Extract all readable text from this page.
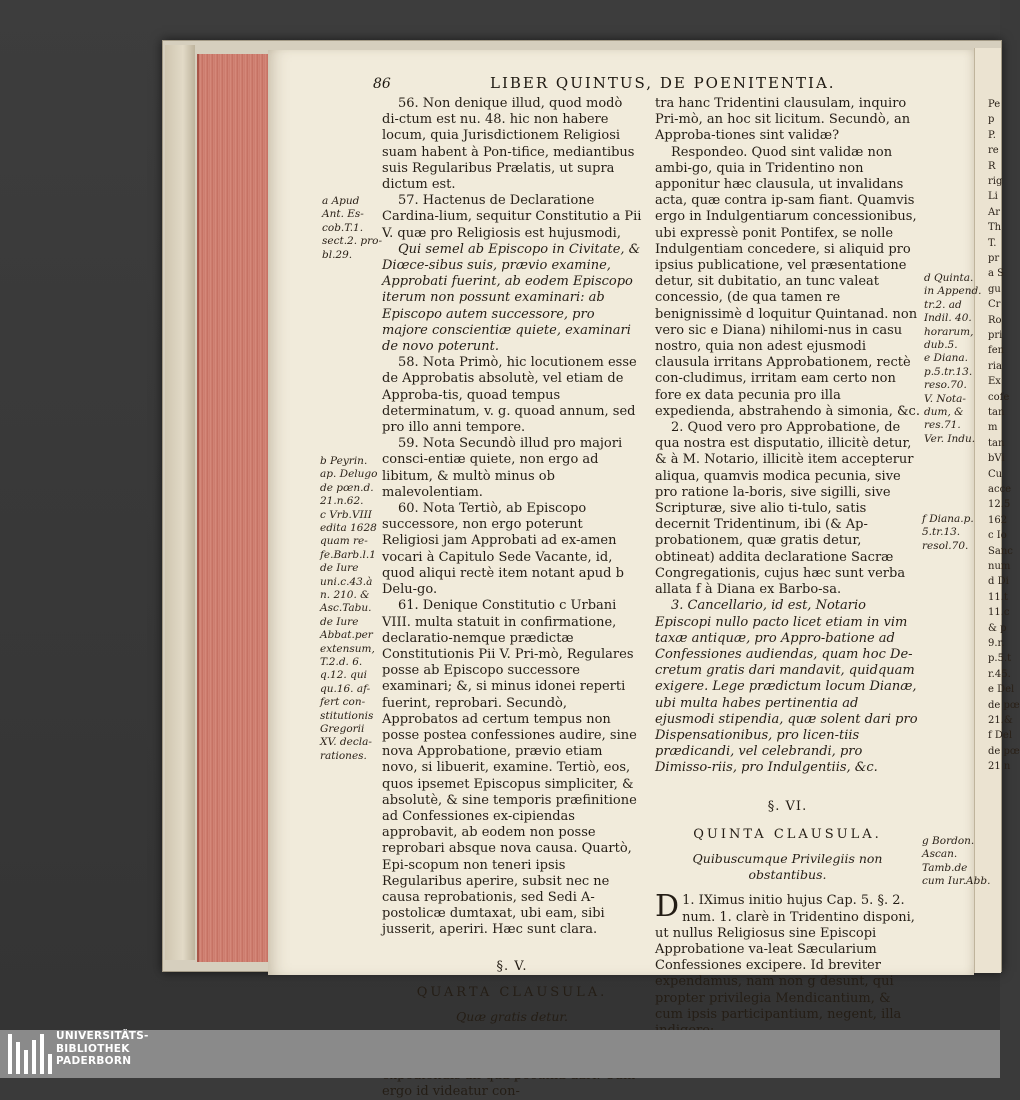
Pe
p
P.
re
R
rig
Li
Ar
Th
T.
pr
a S
gu
Cr
Ro
pri
fen
ria
Ex
cofe
tan
m
tan
bVi
Cu
acce
12.5
162
c Io
Sanc
num
d Di
11.t
11.c
& p
9.r.
p.5.t
r.45.
e Del
de pœ
21.&
f Del
de pœ
21 n
86	LIBER QUINTUS, DE POENITENTIA.
a Apud
Ant. Es-
cob.T.1.
sect.2. pro-
bl.29.
b Peyrin.
ap. Delugo
de pœn.d.
21.n.62.
c Vrb.VIII
edita 1628
quam re-
fe.Barb.l.1
de Iure
uni.c.43.à
n. 210. &
Asc.Tabu.
de Iure
Abbat.per
extensum,
T.2.d. 6.
q.12. qui
qu.16. af-
fert con-
stitutionis
Gregorii
XV. decla-
rationes.
d Quinta.
in Append.
tr.2. ad
Indil. 40.
horarum,
dub.5.
e Diana.
p.5.tr.13.
reso.70.
V. Nota-
dum, &
res.71.
Ver. Indu.
f Diana.p.
5.tr.13.
resol.70.
g Bordon.
Ascan.
Tamb.de
cum Iur.Abb.

56. Non denique illud, quod modò di-ctum est nu. 48. hic non habere locum, quia Jurisdictionem Religiosi suam habent à Pon-tifice, mediantibus suis Regularibus Prælatis, ut supra dictum est.

57. Hactenus de Declaratione Cardina-lium, sequitur Constitutio a Pii V. quæ pro Religiosis est hujusmodi,

Qui semel ab Episcopo in Civitate, & Diœce-sibus suis, prævio examine, Approbati fuerint, ab eodem Episcopo iterum non possunt examinari: ab Episcopo autem successore, pro majore conscientiæ quiete, examinari de novo poterunt.

58. Nota Primò, hic locutionem esse de Approbatis absolutè, vel etiam de Approba-tis, quoad tempus determinatum, v. g. quoad annum, sed pro illo anni tempore.

59. Nota Secundò illud pro majori consci-entiæ quiete, non ergo ad libitum, & multò minus ob malevolentiam.

60. Nota Tertiò, ab Episcopo successore, non ergo poterunt Religiosi jam Approbati ad ex-amen vocari à Capitulo Sede Vacante, id, quod aliqui rectè item notant apud b Delu-go.

61. Denique Constitutio c Urbani VIII. multa statuit in confirmatione, declaratio-nemque prædictæ Constitutionis Pii V. Pri-mò, Regulares posse ab Episcopo successore examinari; &, si minus idonei reperti fuerint, reprobari. Secundò, Approbatos ad certum tempus non posse postea confessiones audire, sine nova Approbatione, prævio etiam novo, si libuerit, examine. Tertiò, eos, quos ipsemet Episcopus simpliciter, & absolutè, & sine temporis præfinitione ad Confessiones ex-cipiendas approbavit, ab eodem non posse reprobari absque nova causa. Quartò, Epi-scopum non teneri ipsis Regularibus aperire, subsit nec ne causa reprobationis, sed Sedi A-postolicæ dumtaxat, ubi eam, sibi jusserit, aperiri. Hæc sunt clara.

§. V.

QUARTA CLAUSULA.

Quæ gratis detur.

ergo id videatur con-

tra hanc Tridentini clausulam, inquiro Pri-mò, an hoc sit licitum. Secundò, an Approba-tiones sint validæ?

Respondeo. Quod sint validæ non ambi-go, quia in Tridentino non apponitur hæc clausula, ut invalidans acta, quæ contra ip-sam fiant. Quamvis ergo in Indulgentiarum concessionibus, ubi expressè ponit Pontifex, se nolle Indulgentiam concedere, si aliquid pro ipsius publicatione, vel præsentatione detur, sit dubitatio, an tunc valeat concessio, (de qua tamen re benignissimè d loquitur Quintanad. non vero sic e Diana) nihilomi-nus in casu nostro, quia non adest ejusmodi clausula irritans Approbationem, rectè con-cludimus, irritam eam certo non fore ex data pecunia pro illa expedienda, abstrahendo à simonia, &c.

2. Quod vero pro Approbatione, de qua nostra est disputatio, illicitè detur, & à M. Notario, illicitè item accepterur aliqua, quamvis modica pecunia, sive pro ratione la-boris, sive sigilli, sive Scripturæ, sive alio ti-tulo, satis decernit Tridentinum, ibi (& Ap-probationem, quæ gratis detur, obtineat) addita declaratione Sacræ Congregationis, cujus hæc sunt verba allata f à Diana ex Barbo-sa.

3. Cancellario, id est, Notario Episcopi nullo pacto licet etiam in vim taxæ antiquæ, pro Appro-batione ad Confessiones audiendas, quam hoc De-cretum gratis dari mandavit, quidquam exigere. Lege prædictum locum Dianæ, ubi multa habes pertinentia ad ejusmodi stipendia, quæ solent dari pro Dispensationibus, pro licen-tiis prædicandi, vel celebrandi, pro Dimisso-riis, pro Indulgentiis, &c.

§. VI.

QUINTA CLAUSULA.

Quibuscumque Privilegiis non

obstantibus.

D 1. IXimus initio hujus Cap. 5. §. 2. num. 1. clarè in Tridentino disponi, ut nullus Religiosus sine Episcopi Approbatione va-leat Sæcularium Confessiones excipere. Id breviter expendamus, nam non g desunt, qui propter privilegia Mendicantium, & cum ipsis participantium, negent, illa

UNIVERSITÄTS-
BIBLIOTHEK
PADERBORN
